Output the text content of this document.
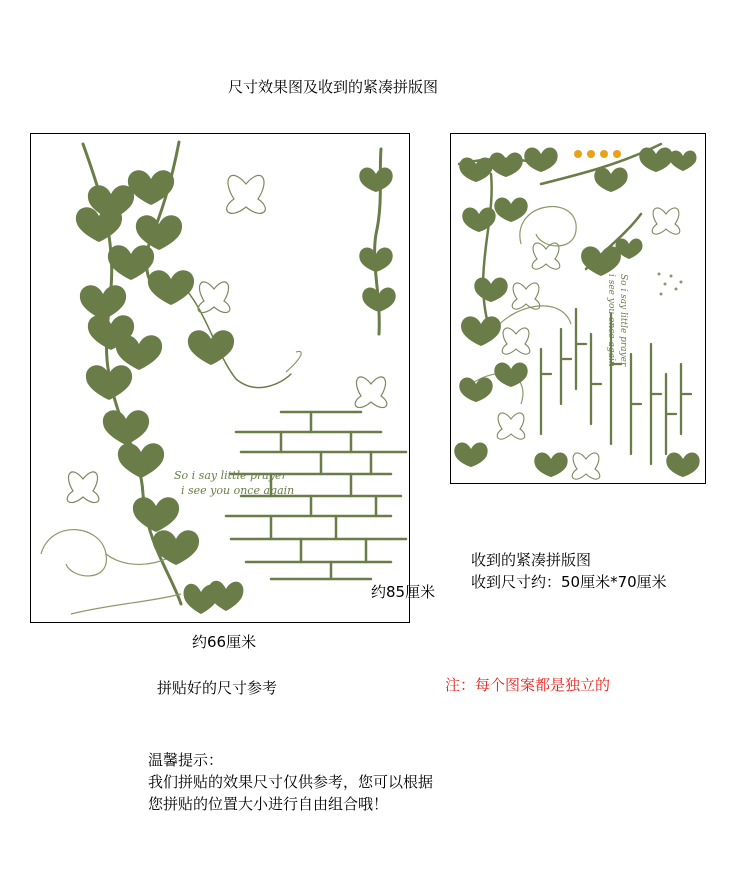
尺寸效果图及收到的紧凑拼版图
So i say little prayer
i see you once again
So i say little prayer
i see you once again
约85厘米
约66厘米
收到的紧凑拼版图
收到尺寸约：50厘米*70厘米
拼贴好的尺寸参考	注：每个图案都是独立的
温馨提示：
我们拼贴的效果尺寸仅供参考，您可以根据
您拼贴的位置大小进行自由组合哦！
